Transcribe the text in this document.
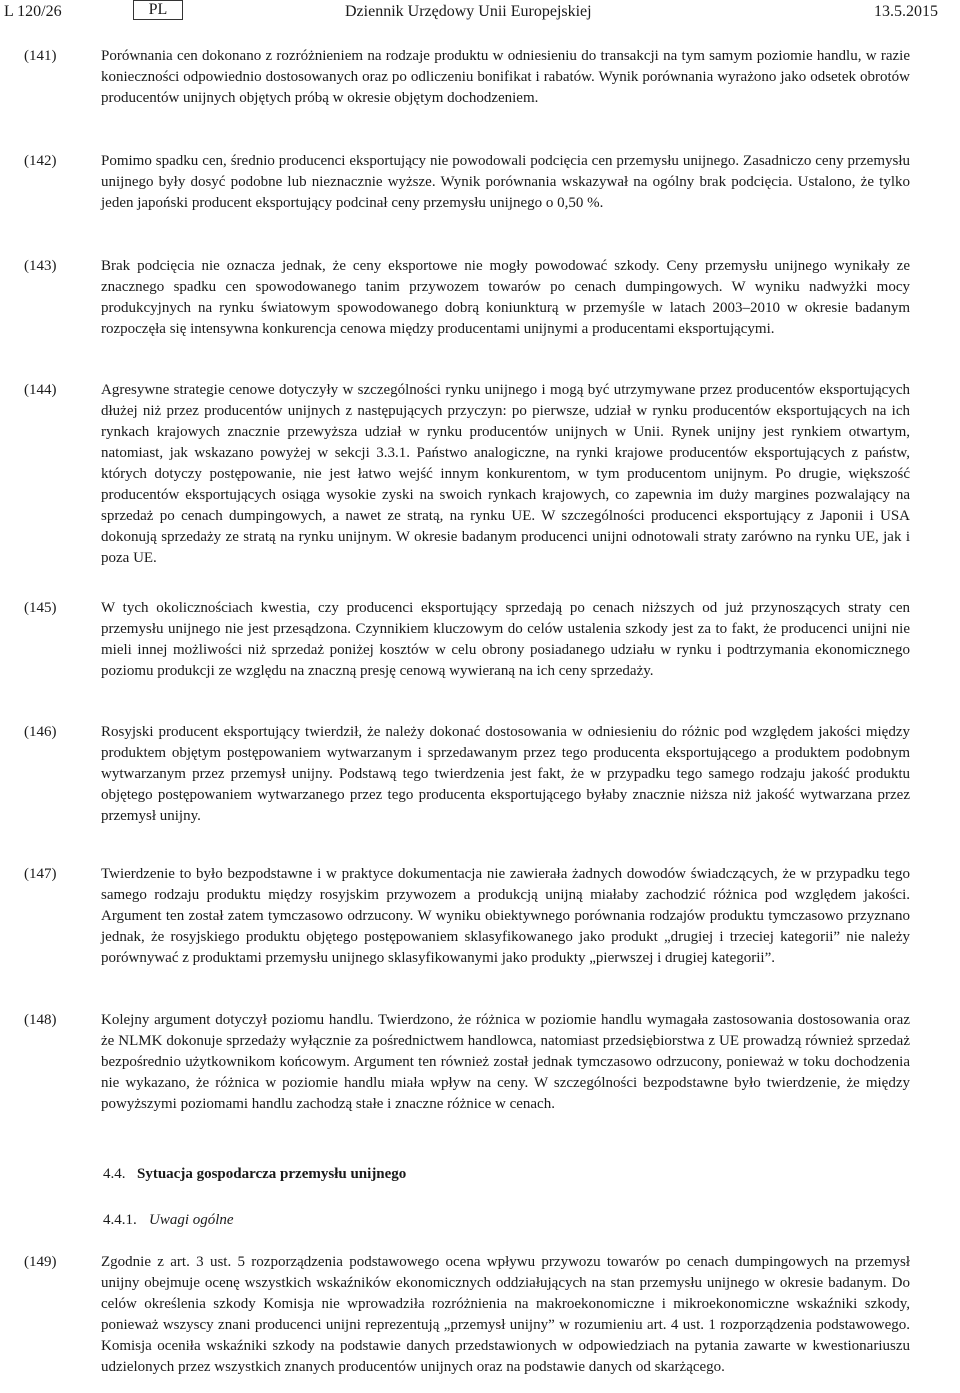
L 120/26	PL	Dziennik Urzędowy Unii Europejskiej	13.5.2015
(141)	Porównania cen dokonano z rozróżnieniem na rodzaje produktu w odniesieniu do transakcji na tym samym poziomie handlu, w razie konieczności odpowiednio dostosowanych oraz po odliczeniu bonifikat i rabatów. Wynik porównania wyrażono jako odsetek obrotów producentów unijnych objętych próbą w okresie objętym dochodzeniem.
(142)	Pomimo spadku cen, średnio producenci eksportujący nie powodowali podcięcia cen przemysłu unijnego. Zasadniczo ceny przemysłu unijnego były dosyć podobne lub nieznacznie wyższe. Wynik porównania wskazywał na ogólny brak podcięcia. Ustalono, że tylko jeden japoński producent eksportujący podcinał ceny przemysłu unijnego o 0,50 %.
(143)	Brak podcięcia nie oznacza jednak, że ceny eksportowe nie mogły powodować szkody. Ceny przemysłu unijnego wynikały ze znacznego spadku cen spowodowanego tanim przywozem towarów po cenach dumpingowych. W wyniku nadwyżki mocy produkcyjnych na rynku światowym spowodowanego dobrą koniunkturą w przemyśle w latach 2003–2010 w okresie badanym rozpoczęła się intensywna konkurencja cenowa między producentami unijnymi a producentami eksportującymi.
(144)	Agresywne strategie cenowe dotyczyły w szczególności rynku unijnego i mogą być utrzymywane przez producentów eksportujących dłużej niż przez producentów unijnych z następujących przyczyn: po pierwsze, udział w rynku producentów eksportujących na ich rynkach krajowych znacznie przewyższa udział w rynku producentów unijnych w Unii. Rynek unijny jest rynkiem otwartym, natomiast, jak wskazano powyżej w sekcji 3.3.1. Państwo analogiczne, na rynki krajowe producentów eksportujących z państw, których dotyczy postępowanie, nie jest łatwo wejść innym konkurentom, w tym producentom unijnym. Po drugie, większość producentów eksportujących osiąga wysokie zyski na swoich rynkach krajowych, co zapewnia im duży margines pozwalający na sprzedaż po cenach dumpingowych, a nawet ze stratą, na rynku UE. W szczególności producenci eksportujący z Japonii i USA dokonują sprzedaży ze stratą na rynku unijnym. W okresie badanym producenci unijni odnotowali straty zarówno na rynku UE, jak i poza UE.
(145)	W tych okolicznościach kwestia, czy producenci eksportujący sprzedają po cenach niższych od już przynoszących straty cen przemysłu unijnego nie jest przesądzona. Czynnikiem kluczowym do celów ustalenia szkody jest za to fakt, że producenci unijni nie mieli innej możliwości niż sprzedaż poniżej kosztów w celu obrony posiadanego udziału w rynku i podtrzymania ekonomicznego poziomu produkcji ze względu na znaczną presję cenową wywieraną na ich ceny sprzedaży.
(146)	Rosyjski producent eksportujący twierdził, że należy dokonać dostosowania w odniesieniu do różnic pod względem jakości między produktem objętym postępowaniem wytwarzanym i sprzedawanym przez tego producenta eksportującego a produktem podobnym wytwarzanym przez przemysł unijny. Podstawą tego twierdzenia jest fakt, że w przypadku tego samego rodzaju jakość produktu objętego postępowaniem wytwarzanego przez tego producenta eksportującego byłaby znacznie niższa niż jakość wytwarzana przez przemysł unijny.
(147)	Twierdzenie to było bezpodstawne i w praktyce dokumentacja nie zawierała żadnych dowodów świadczących, że w przypadku tego samego rodzaju produktu między rosyjskim przywozem a produkcją unijną miałaby zachodzić różnica pod względem jakości. Argument ten został zatem tymczasowo odrzucony. W wyniku obiektywnego porównania rodzajów produktu tymczasowo przyznano jednak, że rosyjskiego produktu objętego postępowaniem sklasyfikowanego jako produkt „drugiej i trzeciej kategorii” nie należy porównywać z produktami przemysłu unijnego sklasyfikowanymi jako produkty „pierwszej i drugiej kategorii”.
(148)	Kolejny argument dotyczył poziomu handlu. Twierdzono, że różnica w poziomie handlu wymagała zastosowania dostosowania oraz że NLMK dokonuje sprzedaży wyłącznie za pośrednictwem handlowca, natomiast przedsiębiorstwa z UE prowadzą również sprzedaż bezpośrednio użytkownikom końcowym. Argument ten również został jednak tymczasowo odrzucony, ponieważ w toku dochodzenia nie wykazano, że różnica w poziomie handlu miała wpływ na ceny. W szczególności bezpodstawne było twierdzenie, że między powyższymi poziomami handlu zachodzą stałe i znaczne różnice w cenach.
4.4. Sytuacja gospodarcza przemysłu unijnego
4.4.1. Uwagi ogólne
(149)	Zgodnie z art. 3 ust. 5 rozporządzenia podstawowego ocena wpływu przywozu towarów po cenach dumpingowych na przemysł unijny obejmuje ocenę wszystkich wskaźników ekonomicznych oddziałujących na stan przemysłu unijnego w okresie badanym. Do celów określenia szkody Komisja nie wprowadziła rozróżnienia na makroekonomiczne i mikroekonomiczne wskaźniki szkody, ponieważ wszyscy znani producenci unijni reprezentują „przemysł unijny” w rozumieniu art. 4 ust. 1 rozporządzenia podstawowego. Komisja oceniła wskaźniki szkody na podstawie danych przedstawionych w odpowiedziach na pytania zawarte w kwestionariuszu udzielonych przez wszystkich znanych producentów unijnych oraz na podstawie danych od skarżącego.
